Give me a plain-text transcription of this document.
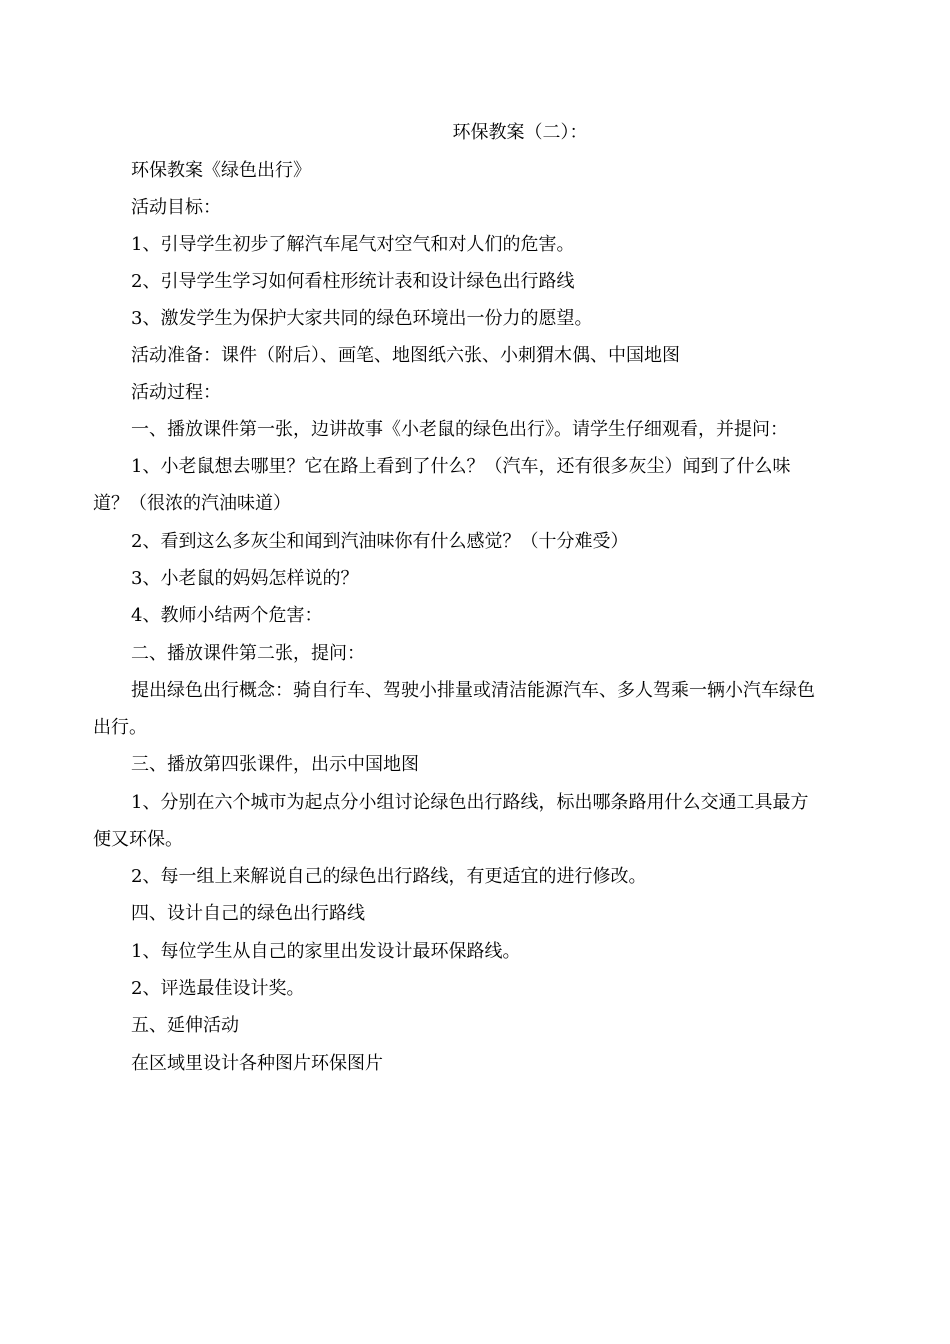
环保教案（二）：
环保教案《绿色出行》
活动目标：
1、引导学生初步了解汽车尾气对空气和对人们的危害。
2、引导学生学习如何看柱形统计表和设计绿色出行路线
3、激发学生为保护大家共同的绿色环境出一份力的愿望。
活动准备：课件（附后）、画笔、地图纸六张、小刺猬木偶、中国地图
活动过程：
一、播放课件第一张，边讲故事《小老鼠的绿色出行》。请学生仔细观看，并提问：
1、小老鼠想去哪里？它在路上看到了什么？（汽车，还有很多灰尘）闻到了什么味
道？（很浓的汽油味道）
2、看到这么多灰尘和闻到汽油味你有什么感觉？（十分难受）
3、小老鼠的妈妈怎样说的？
4、教师小结两个危害：
二、播放课件第二张，提问：
提出绿色出行概念：骑自行车、驾驶小排量或清洁能源汽车、多人驾乘一辆小汽车绿色
出行。
三、播放第四张课件，出示中国地图
1、分别在六个城市为起点分小组讨论绿色出行路线，标出哪条路用什么交通工具最方
便又环保。
2、每一组上来解说自己的绿色出行路线，有更适宜的进行修改。
四、设计自己的绿色出行路线
1、每位学生从自己的家里出发设计最环保路线。
2、评选最佳设计奖。
五、延伸活动
在区域里设计各种图片环保图片
